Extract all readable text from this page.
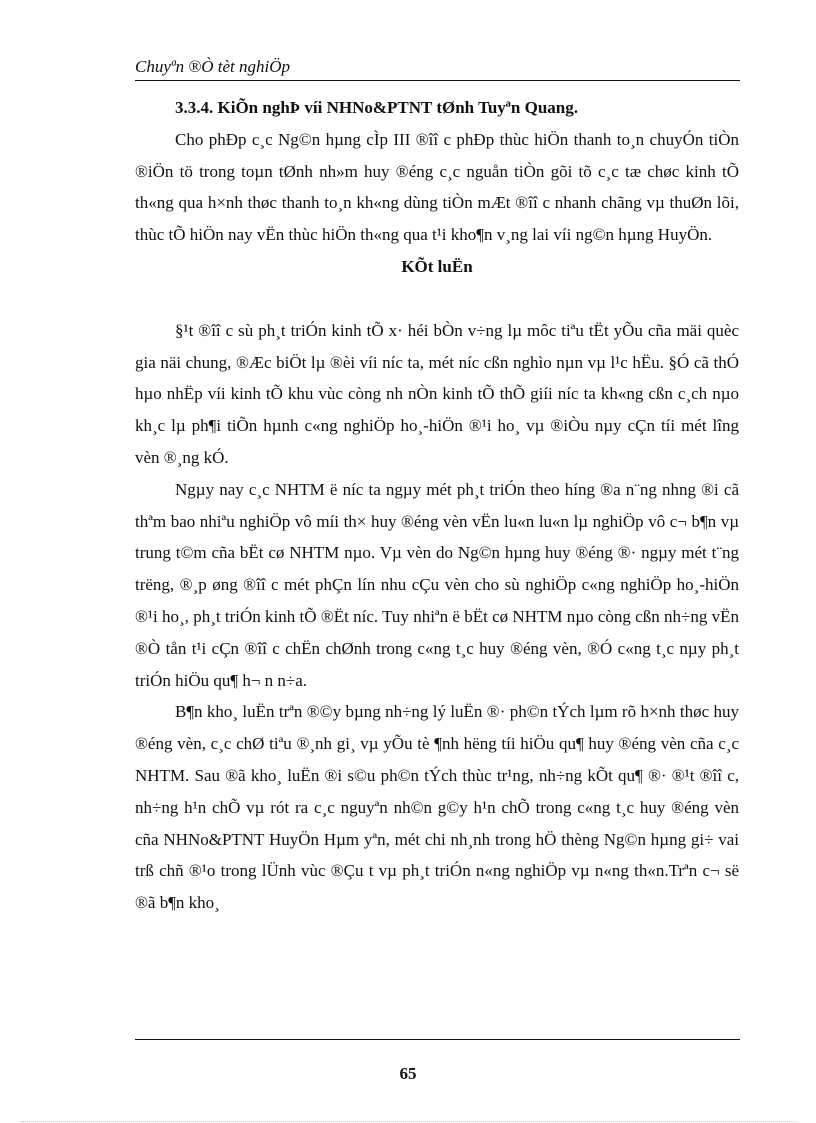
Chuyªn ®Ò tèt nghiÖp
3.3.4. KiÕn nghÞ víi NHNo&PTNT tØnh Tuyªn Quang.

Cho phÐp c¸c Ng©n hµng cÌp III ®îî c phÐp thùc hiÖn thanh to¸n chuyÓn tiÒn ®iÖn tö trong toµn tØnh nh»m huy ®éng c¸c nguån tiÒn gõi tõ c¸c tæ chøc kinh tÕ th«ng qua h×nh thøc thanh to¸n kh«ng dùng tiÒn mÆt ®îî c nhanh chãng vµ thuØn lõi, thùc tÕ hiÖn nay vËn thùc hiÖn th«ng qua t¹i kho¶n v¸ng lai víi ng©n hµng HuyÖn.

KÕt luËn

§¹t ®îî c sù ph¸t triÓn kinh tÕ x· héi bÒn v÷ng lµ môc tiªu tËt yÕu cña mäi quèc gia näi chung, ®Æc biÖt lµ ®èi víi níc ta, mét níc cßn nghìo nµn vµ l¹c hËu. §Ó cã thÓ hµo nhËp víi kinh tÕ khu vùc còng nh nÒn kinh tÕ thÕ giíi níc ta kh«ng cßn c¸ch nµo kh¸c lµ ph¶i tiÕn hµnh c«ng nghiÖp ho¸-hiÖn ®¹i ho¸ vµ ®iÒu nµy cÇn tíi mét lîng vèn ®¸ng kÓ.

Ngµy nay c¸c NHTM ë níc ta ngµy mét ph¸t triÓn theo híng ®a n¨ng nhng ®i cã thªm bao nhiªu nghiÖp vô míi th× huy ®éng vèn vËn lu«n lu«n lµ nghiÖp vô c¬ b¶n vµ trung t©m cña bËt cø NHTM nµo. Vµ vèn do Ng©n hµng huy ®éng ®· ngµy mét t¨ng trëng, ®¸p øng ®îî c mét phÇn lín nhu cÇu vèn cho sù nghiÖp c«ng nghiÖp ho¸-hiÖn ®¹i ho¸, ph¸t triÓn kinh tÕ ®Ët níc. Tuy nhiªn ë bËt cø NHTM nµo còng cßn nh÷ng vËn ®Ò tån t¹i cÇn ®îî c chËn chØnh trong c«ng t¸c huy ®éng vèn, ®Ó c«ng t¸c nµy ph¸t triÓn hiÖu qu¶ h¬ n n÷a.

B¶n kho¸ luËn trªn ®©y bµng nh÷ng lý luËn ®· ph©n tÝch lµm rõ h×nh thøc huy ®éng vèn, c¸c chØ tiªu ®¸nh gi¸ vµ yÕu tè ¶nh hëng tíi hiÖu qu¶ huy ®éng vèn cña c¸c NHTM. Sau ®ã kho¸ luËn ®i s©u ph©n tÝch thùc tr¹ng, nh÷ng kÕt qu¶ ®· ®¹t ®îî c, nh÷ng h¹n chÕ vµ rót ra c¸c nguyªn nh©n g©y h¹n chÕ trong c«ng t¸c huy ®éng vèn cña NHNo&PTNT HuyÖn Hµm yªn, mét chi nh¸nh trong hÖ thèng Ng©n hµng gi÷ vai trß chñ ®¹o trong lÜnh vùc ®Çu t vµ ph¸t triÓn n«ng nghiÖp vµ n«ng th«n.Trªn c¬ së ®ã b¶n kho¸

65
